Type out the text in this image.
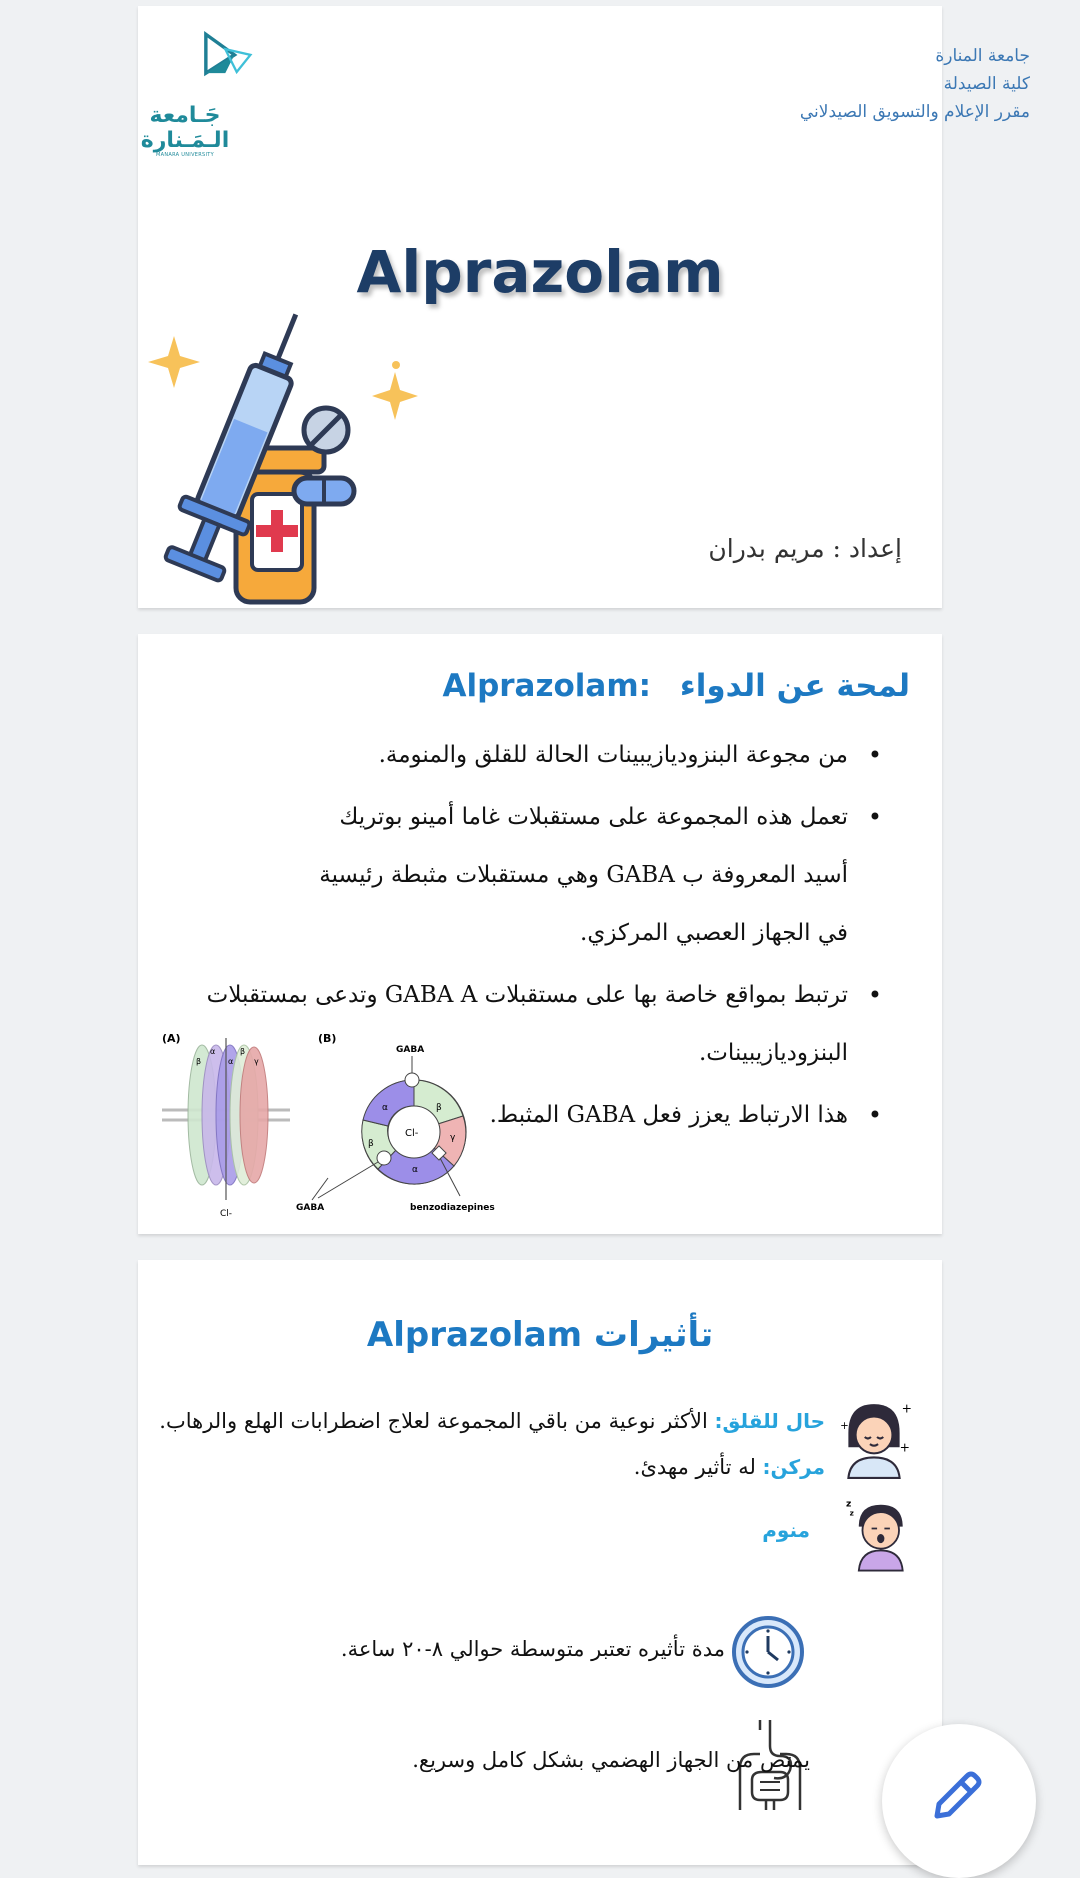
جامعة المنارة
كلية الصيدلة
مقرر الإعلام والتسويق الصيدلاني
جَـامعة
الـمَـنارة
MANARA UNIVERSITY
Alprazolam
إعداد : مريم بدران
لمحة عن الدواء Alprazolam:
• من مجوعة البنزوديازيبينات الحالة للقلق والمنومة.
• تعمل هذه المجموعة على مستقبلات غاما أمينو بوتريك أسيد المعروفة ب GABA وهي مستقبلات مثبطة رئيسية في الجهاز العصبي المركزي.
• ترتبط بمواقع خاصة بها على مستقبلات GABA A وتدعى بمستقبلات البنزوديازيبينات.
• هذا الارتباط يعزز فعل GABA المثبط.
(A)	(B)
β
α
α
β
γ
Cl-
Cl-
GABA
GABA	benzodiazepines
α	β
γ
α
β
تأثيرات Alprazolam
+
+
+
حال للقلق: الأكثر نوعية من باقي المجموعة لعلاج اضطرابات الهلع والرهاب.
مركن: له تأثير مهدئ.
z
z
منوم
مدة تأثيره تعتبر متوسطة حوالي ٨-٢٠ ساعة.
يمتص من الجهاز الهضمي بشكل كامل وسريع.
